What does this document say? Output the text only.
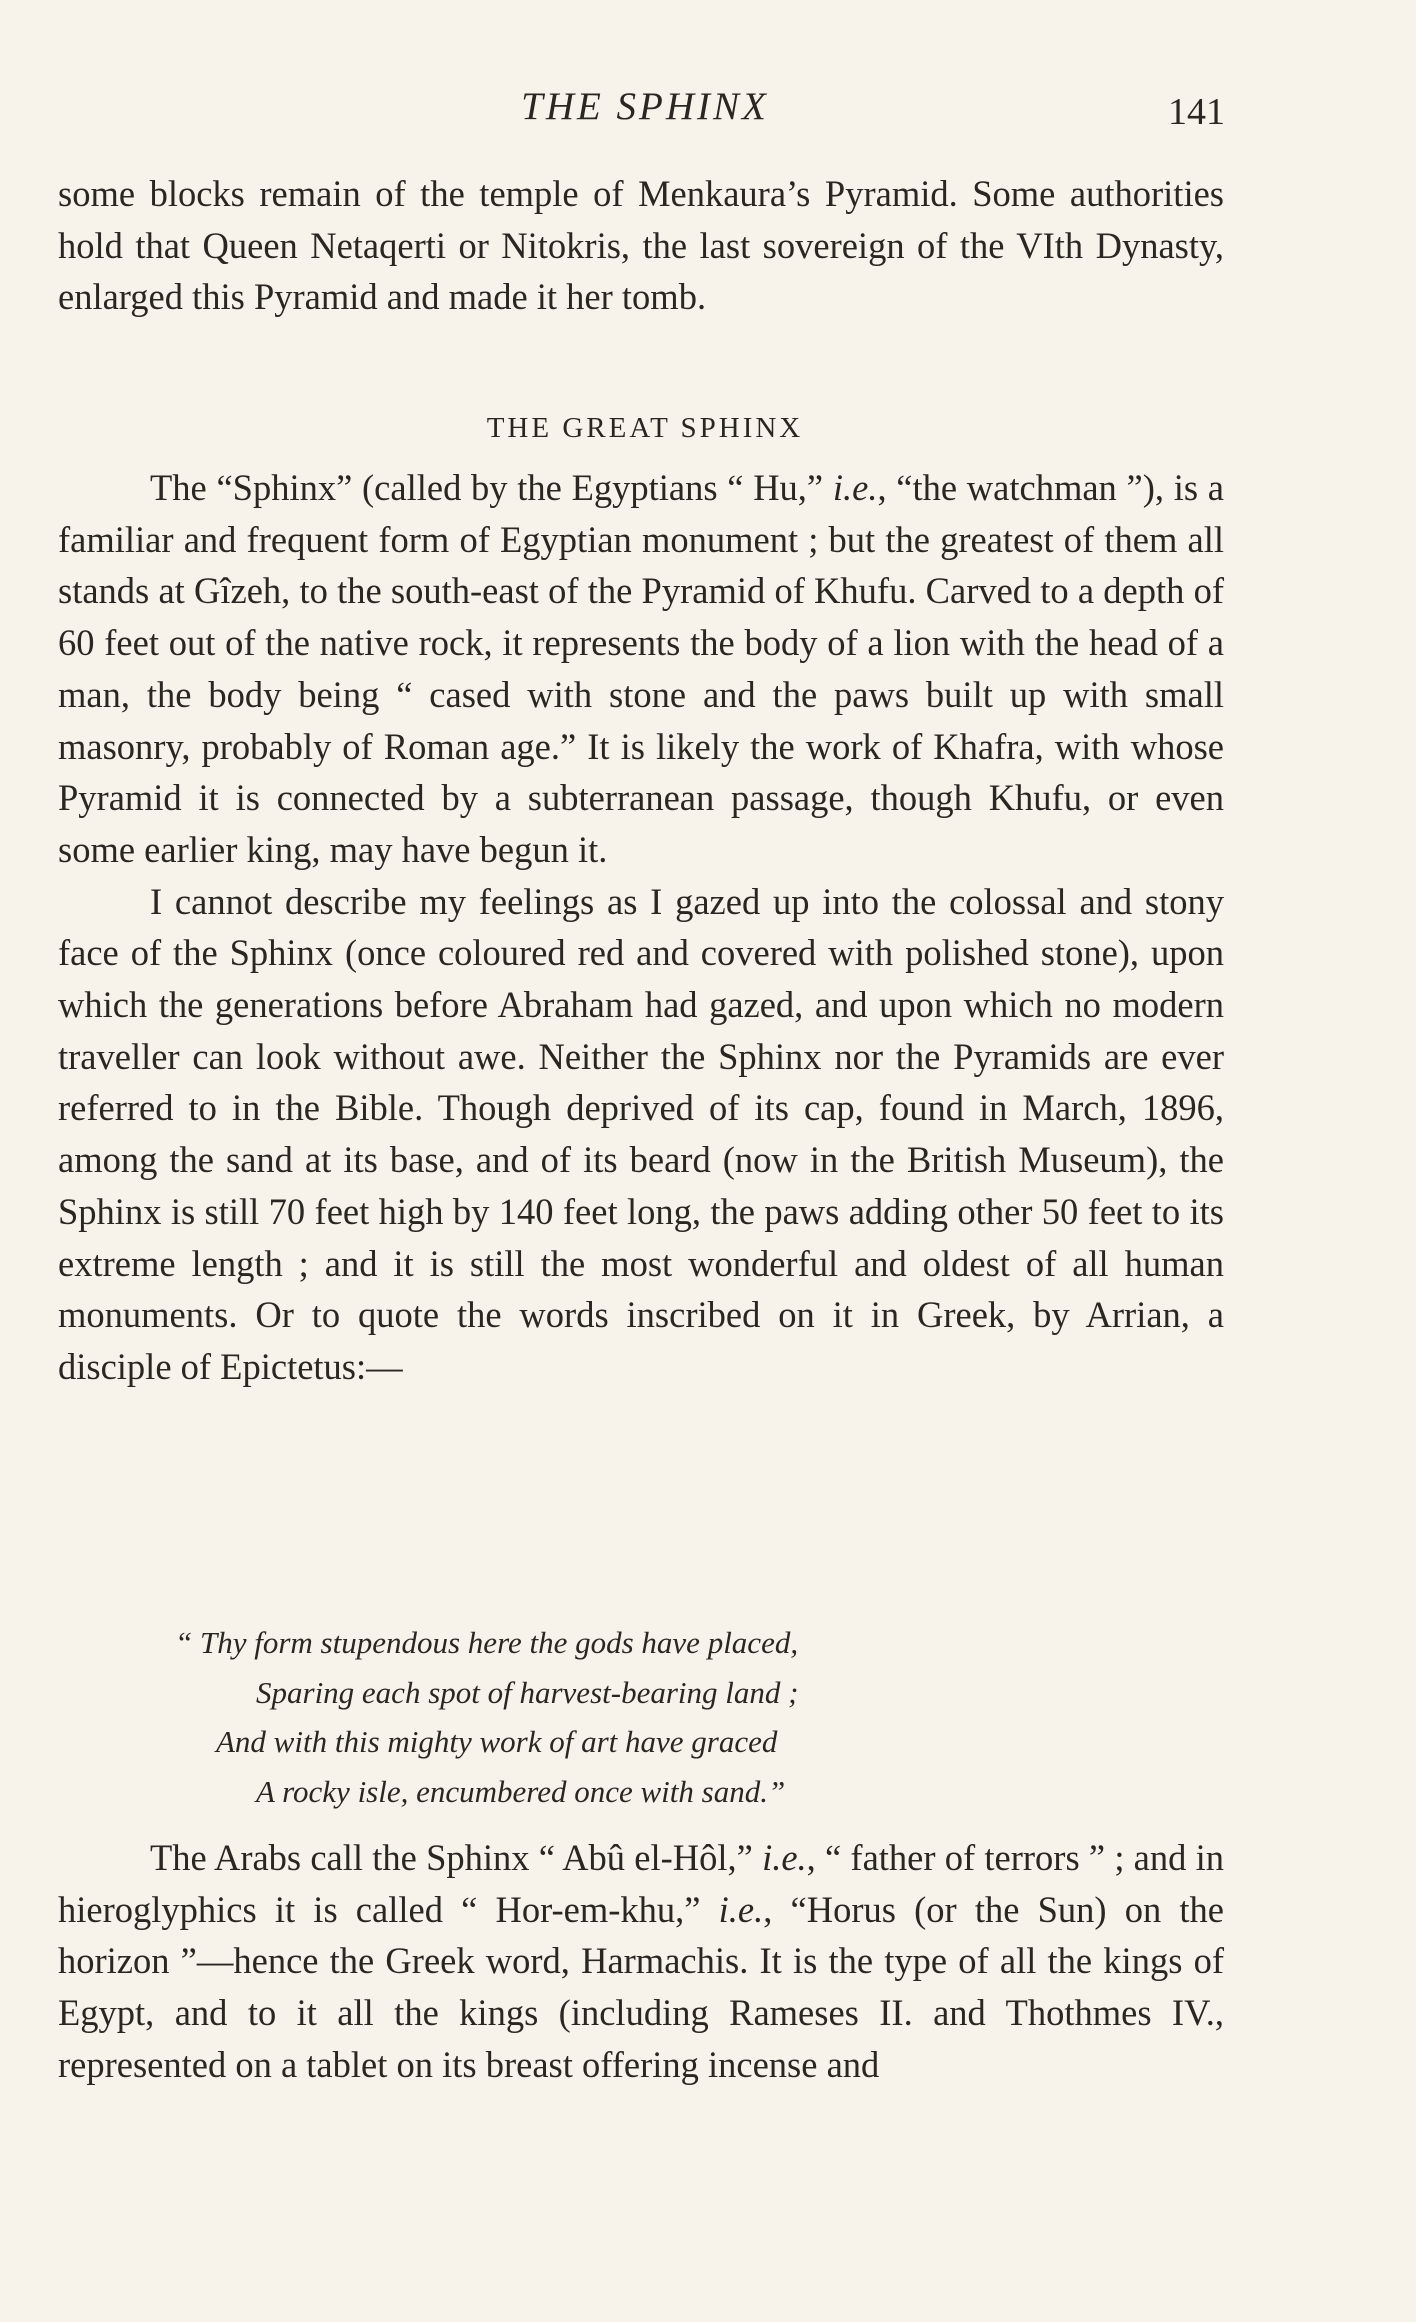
THE SPHINX	141

some blocks remain of the temple of Menkaura’s Pyramid. Some authorities hold that Queen Netaqerti or Nitokris, the last sovereign of the VIth Dynasty, enlarged this Pyramid and made it her tomb.

THE GREAT SPHINX

The “Sphinx” (called by the Egyptians “ Hu,” i.e., “the watchman ”), is a familiar and frequent form of Egyptian monument ; but the greatest of them all stands at Gîzeh, to the south-east of the Pyramid of Khufu. Carved to a depth of 60 feet out of the native rock, it represents the body of a lion with the head of a man, the body being “ cased with stone and the paws built up with small masonry, probably of Roman age.” It is likely the work of Khafra, with whose Pyramid it is connected by a subterranean passage, though Khufu, or even some earlier king, may have begun it.

I cannot describe my feelings as I gazed up into the colossal and stony face of the Sphinx (once coloured red and covered with polished stone), upon which the generations before Abraham had gazed, and upon which no modern traveller can look without awe. Neither the Sphinx nor the Pyramids are ever referred to in the Bible. Though deprived of its cap, found in March, 1896, among the sand at its base, and of its beard (now in the British Museum), the Sphinx is still 70 feet high by 140 feet long, the paws adding other 50 feet to its extreme length ; and it is still the most wonderful and oldest of all human monuments. Or to quote the words inscribed on it in Greek, by Arrian, a disciple of Epictetus:—

“ Thy form stupendous here the gods have placed,
Sparing each spot of harvest-bearing land ;
And with this mighty work of art have graced
A rocky isle, encumbered once with sand.”

The Arabs call the Sphinx “ Abû el-Hôl,” i.e., “ father of terrors ” ; and in hieroglyphics it is called “ Hor-em-khu,” i.e., “Horus (or the Sun) on the horizon ”—hence the Greek word, Harmachis. It is the type of all the kings of Egypt, and to it all the kings (including Rameses II. and Thothmes IV., represented on a tablet on its breast offering incense and
